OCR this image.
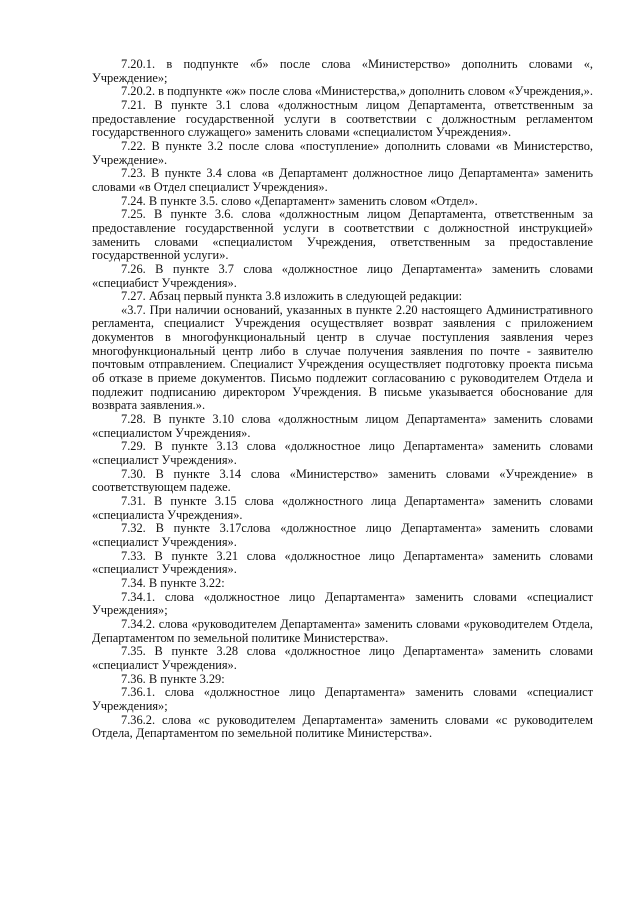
7.20.1. в подпункте «б» после слова «Министерство» дополнить словами «, Учреждение»;

7.20.2. в подпункте «ж» после слова «Министерства,» дополнить словом «Учреждения,».

7.21. В пункте 3.1 слова «должностным лицом Департамента, ответственным за предоставление государственной услуги в соответствии с должностным регламентом государственного служащего» заменить словами «специалистом Учреждения».

7.22. В пункте 3.2 после слова «поступление» дополнить словами «в Министерство, Учреждение».

7.23. В пункте 3.4 слова «в Департамент должностное лицо Департамента» заменить словами «в Отдел специалист Учреждения».

7.24. В пункте 3.5. слово «Департамент» заменить словом «Отдел».

7.25. В пункте 3.6. слова «должностным лицом Департамента, ответственным за предоставление государственной услуги в соответствии с должностной инструкцией» заменить словами «специалистом Учреждения, ответственным за предоставление государственной услуги».

7.26. В пункте 3.7 слова «должностное лицо Департамента» заменить словами «специабист Учреждения».

7.27. Абзац первый пункта 3.8 изложить в следующей редакции:

«3.7. При наличии оснований, указанных в пункте 2.20 настоящего Административного регламента, специалист Учреждения осуществляет возврат заявления с приложением документов в многофункциональный центр в случае поступления заявления через многофункциональный центр либо в случае получения заявления по почте - заявителю почтовым отправлением. Специалист Учреждения осуществляет подготовку проекта письма об отказе в приеме документов. Письмо подлежит согласованию с руководителем Отдела и подлежит подписанию директором Учреждения. В письме указывается обоснование для возврата заявления.».

7.28. В пункте 3.10 слова «должностным лицом Департамента» заменить словами «специалистом Учреждения».

7.29. В пункте 3.13 слова «должностное лицо Департамента» заменить словами «специалист Учреждения».

7.30. В пункте 3.14 слова «Министерство» заменить словами «Учреждение» в соответствующем падеже.

7.31. В пункте 3.15 слова «должностного лица Департамента» заменить словами «специалиста Учреждения».

7.32. В пункте 3.17слова «должностное лицо Департамента» заменить словами «специалист Учреждения».

7.33. В пункте 3.21 слова «должностное лицо Департамента» заменить словами «специалист Учреждения».

7.34. В пункте 3.22:

7.34.1. слова «должностное лицо Департамента» заменить словами «специалист Учреждения»;

7.34.2. слова «руководителем Департамента» заменить словами «руководителем Отдела, Департаментом по земельной политике Министерства».

7.35. В пункте 3.28 слова «должностное лицо Департамента» заменить словами «специалист Учреждения».

7.36. В пункте 3.29:

7.36.1. слова «должностное лицо Департамента» заменить словами «специалист Учреждения»;

7.36.2. слова «с руководителем Департамента» заменить словами «с руководителем Отдела, Департаментом по земельной политике Министерства».
